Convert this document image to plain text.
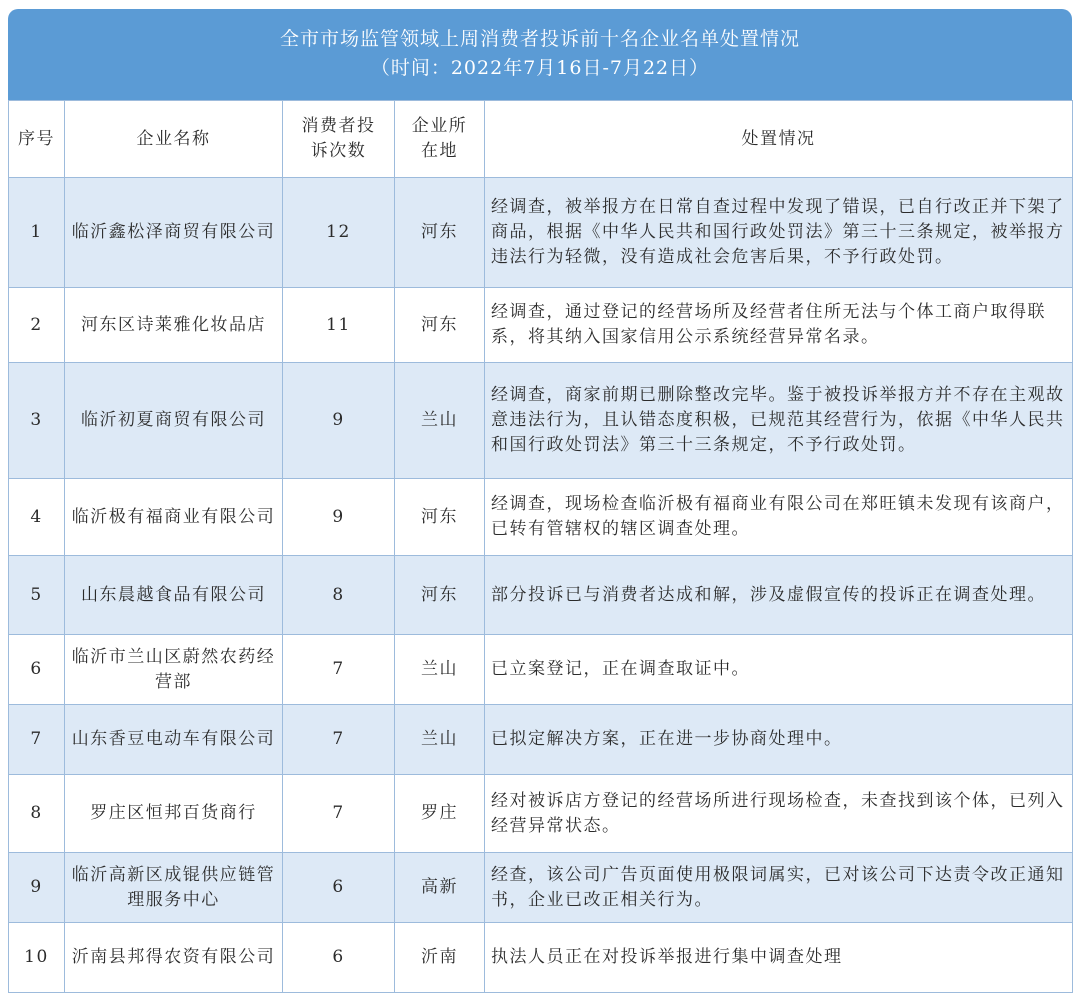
全市市场监管领域上周消费者投诉前十名企业名单处置情况
（时间：2022年7月16日-7月22日）
序号	企业名称	消费者投诉次数	企业所在地	处置情况
1	临沂鑫松泽商贸有限公司	12	河东	经调查，被举报方在日常自查过程中发现了错误，已自行改正并下架了商品，根据《中华人民共和国行政处罚法》第三十三条规定，被举报方违法行为轻微，没有造成社会危害后果，不予行政处罚。
2	河东区诗莱雅化妆品店	11	河东	经调查，通过登记的经营场所及经营者住所无法与个体工商户取得联系，将其纳入国家信用公示系统经营异常名录。
3	临沂初夏商贸有限公司	9	兰山	经调查，商家前期已删除整改完毕。鉴于被投诉举报方并不存在主观故意违法行为，且认错态度积极，已规范其经营行为，依据《中华人民共和国行政处罚法》第三十三条规定，不予行政处罚。
4	临沂极有福商业有限公司	9	河东	经调查，现场检查临沂极有福商业有限公司在郑旺镇未发现有该商户，已转有管辖权的辖区调查处理。
5	山东晨越食品有限公司	8	河东	部分投诉已与消费者达成和解，涉及虚假宣传的投诉正在调查处理。
6	临沂市兰山区蔚然农药经营部	7	兰山	已立案登记，正在调查取证中。
7	山东香豆电动车有限公司	7	兰山	已拟定解决方案，正在进一步协商处理中。
8	罗庄区恒邦百货商行	7	罗庄	经对被诉店方登记的经营场所进行现场检查，未查找到该个体，已列入经营异常状态。
9	临沂高新区成锟供应链管理服务中心	6	高新	经查，该公司广告页面使用极限词属实，已对该公司下达责令改正通知书，企业已改正相关行为。
10	沂南县邦得农资有限公司	6	沂南	执法人员正在对投诉举报进行集中调查处理
